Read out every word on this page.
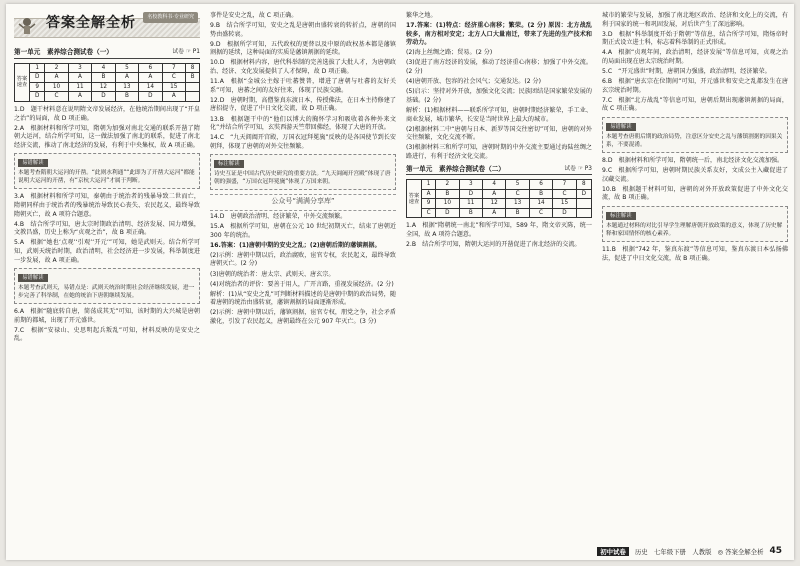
答案全解全析	名校教科书·专业研究
第一单元　素养综合测试卷（一）	试卷 ☞ P1
答案速查	1	2	3	4	5	6	7	8
	D	A	A	B	A	A	C	B
	9	10	11	12	13	14	15	
	D	C	A	D	B	D	A	

1.D　题干材料意在说明隋文帝发展经济，在他统治期间出现了“开皇之治”的局面，故 D 项正确。

2.A　根据材料和所学可知，隋朝为加强对南北交通的联系开凿了隋朝大运河，结合所学可知，这一做法加强了南北的联系，促进了南北经济交流，推动了南北经济的发展，有利于中央集权，故 A 项正确。

易错解读
本题考查隋朝大运河的开凿。“此则水利通”“此即为了开凿大运河”都能说明大运河的开凿，有“京杭大运河”才属于判断。

3.A　根据材料和所学可知，秦朝由于统治者的残暴导致二世而亡，隋朝同样由于统治者的残暴统治导致民心丧失、农民起义，最终导致隋朝灭亡，故 A 项符合题意。

4.B　结合所学可知，唐太宗时期政治清明、经济发展、国力增强，文教昌盛，历史上称为“贞观之治”，故 B 项正确。

5.A　根据“她也‘点观’‘引观’‘开元’”可知，她是武则天。结合所学可知，武则天统治时期，政治清明，社会经济进一步发展，科举制度进一步发展，故 A 项正确。

易错解读
本题考查武则天，易错点是：武则天统治时期社会经济继续发展，进一步完善了科举制，在她的统治下唐朝继续发展。

6.A　根据“随底转自唐，简荡成其无”可知，该时期的大兴城是唐朝前期的都城，出现了开元盛世。

7.C　根据“安禄山、史思明起兵叛乱”可知，材料反映的是安史之乱。

事件是安史之乱，故 C 项正确。

9.B　结合所学可知，安史之乱是唐朝由盛转衰的转折点，唐朝的国势由盛转衰。

9.D　根据所学可知，五代政权的更替以及中原的政权基本都是藩镇割据的延续，这种局面的实质是藩镇割据的延续。

10.D　根据材料内容，唐代科举制的完善选拔了大批人才，为唐朝政治、经济、文化发展提供了人才保障，故 D 项正确。

11.A　根据“金城公主嫁于吐蕃赞普，增进了唐朝与吐蕃的友好关系”可知，唐蕃之间的友好往来，体现了民族交融。

12.D　唐朝时期，高僧鉴真东渡日本，传授佛法，在日本主持修建了唐招提寺，促进了中日文化交流，故 D 项正确。

13.B　根据题干中的“他们以博大的胸怀学习和吸收着各种外来文化”并结合所学可知，玄奘西游天竺带回佛经，体现了大唐的开放。

14.C　“九天阊阖开宫殿，万国衣冠拜冕旒”反映的是各国使节到长安朝拜，体现了唐朝的对外交往频繁。

标注解读
诗史互证是中国古代历史研究的重要方法。“九天阊阖开宫殿”体现了唐朝的强盛，“万国衣冠拜冕旒”体现了万国来朝。
公众号“满满分享库”

14.D　唐朝政治清明、经济繁荣，中外交流频繁。

15.A　根据所学可知，唐朝在公元 10 世纪初期灭亡，结束了唐朝近 300 年的统治。

16.答案：(1)唐朝中期的安史之乱；(2)唐朝后期的藩镇割据。

(2)示例：唐朝中期以后，政治腐败，宦官专权，农民起义，最终导致唐朝灭亡。(2 分)

(3)唐朝的统治者：唐太宗、武则天、唐玄宗。

(4)对统治者的评价：要善于用人，广开言路，重视发展经济。(2 分)

解析：(1)从“安史之乱”可判断材料描述的是唐朝中期的政治局势，随着唐朝的统治由盛转衰，藩镇割据的局面逐渐形成。

(2)示例：唐朝中期以后，藩镇割据，宦官专权，朋党之争，社会矛盾激化，引发了农民起义，唐朝最终在公元 907 年灭亡。(3 分)

繁华之地。

17.答案：(1)特点：经济重心南移；繁荣。(2 分) 原因：北方战乱较多，南方相对安定；北方人口大量南迁，带来了先进的生产技术和劳动力。

(2)海上丝绸之路；贸易。(2 分)

(3)促进了南方经济的发展，推动了经济重心南移；加强了中外交流。(2 分)

(4)唐朝开放、包容的社会风气；交通发达。(2 分)

(5)启示：坚持对外开放，加强文化交流；民族团结是国家繁荣发展的基础。(2 分)

解析：(1)根据材料——联系所学可知，唐朝时期经济繁荣，手工业、商业发展，城市繁华，长安是当时世界上最大的城市。

(2)根据材料二中“唐朝与日本、新罗等国交往密切”可知，唐朝的对外交往频繁，文化交流不断。

(3)根据材料三和所学可知，唐朝时期的中外交流主要通过海陆丝绸之路进行，有利于经济文化交流。

第一单元　素养综合测试卷（二）	试卷 ☞ P3
答案速查	1	2	3	4	5	6	7	8
	A	B	D	A	C	B	C	D
	9	10	11	12	13	14	15	
	C	D	B	A	B	C	D	

1.A　根据“隋朝统一南北”和所学可知，589 年，隋文帝灭陈，统一全国，故 A 项符合题意。

2.B　结合所学可知，隋朝大运河的开凿促进了南北经济的交流。

城市的繁荣与发展，加强了南北地区政治、经济和文化上的交流，有利于国家的统一和巩固发展，对后世产生了深远影响。

3.D　根据“科举制度开始于隋朝”等信息，结合所学可知，隋炀帝时期正式设立进士科，标志着科举制的正式形成。

4.A　根据“贞观年间，政治清明，经济发展”等信息可知，贞观之治的局面出现在唐太宗统治时期。

5.C　“开元盛世”时期，唐朝国力强盛，政治清明，经济繁荣。

6.B　根据“唐玄宗在位期间”可知，开元盛世和安史之乱都发生在唐玄宗统治时期。

7.C　根据“北方战乱”等信息可知，唐朝后期出现藩镇割据的局面，故 C 项正确。

易错解读
本题考查唐朝后期的政治局势，注意区分安史之乱与藩镇割据的因果关系，不要混淆。

8.D　根据材料和所学可知，隋朝统一后，南北经济文化交流加强。

9.C　根据所学可知，唐朝时期民族关系友好，文成公主入藏促进了汉藏交流。

10.B　根据题干材料可知，唐朝的对外开放政策促进了中外文化交流，故 B 项正确。

标注解读
本题通过材料的对比引导学生理解唐朝开放政策的意义，体现了历史解释和家国情怀的核心素养。

11.B　根据“742 年，鉴真东渡”等信息可知，鉴真东渡日本弘扬佛法，促进了中日文化交流，故 B 项正确。

初中试卷	历史　七年级下册　人教版 ◎ 答案全解全析 45
